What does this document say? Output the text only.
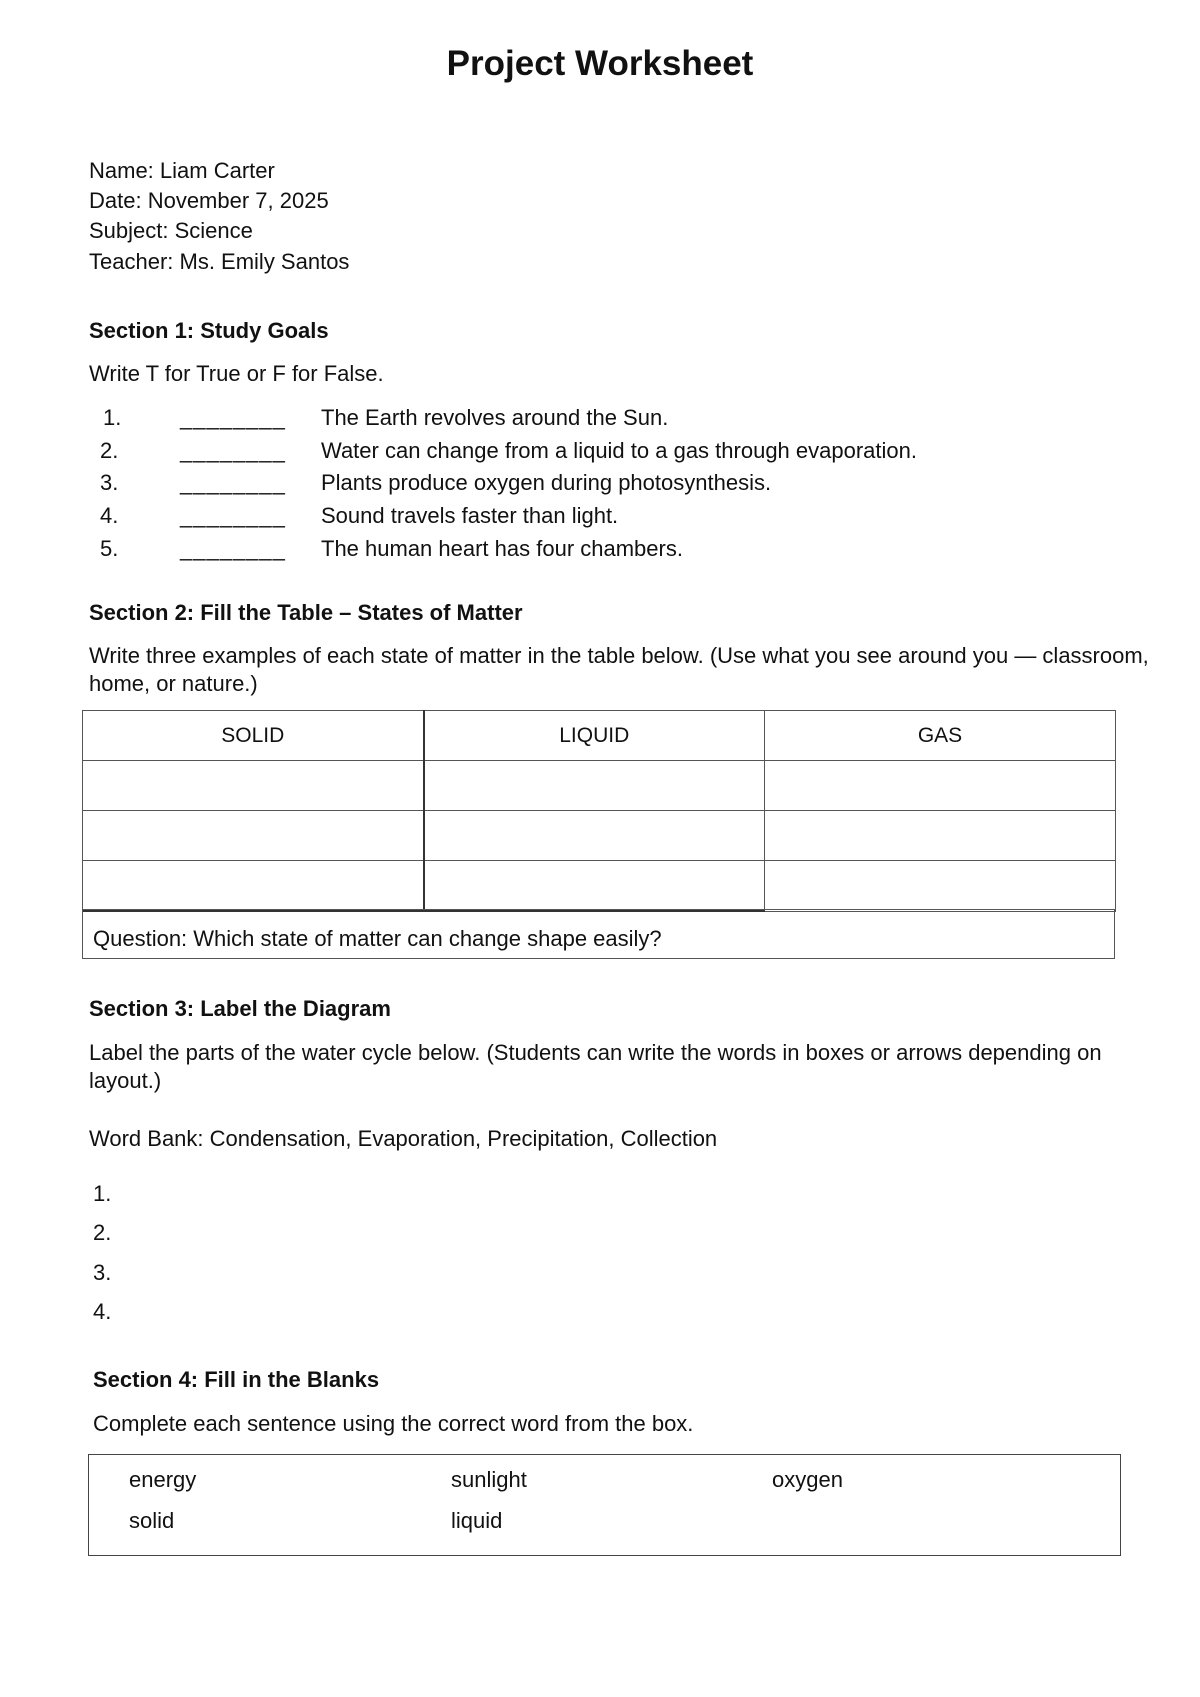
Project Worksheet
Name: Liam Carter
Date: November 7, 2025
Subject: Science
Teacher: Ms. Emily Santos
Section 1: Study Goals
Write T for True or F for False.
1.	________ The Earth revolves around the Sun.
2.	________ Water can change from a liquid to a gas through evaporation.
3.	________ Plants produce oxygen during photosynthesis.
4.	________ Sound travels faster than light.
5.	________ The human heart has four chambers.
Section 2: Fill the Table – States of Matter
Write three examples of each state of matter in the table below. (Use what you see around you — classroom, home, or nature.)
SOLID	LIQUID	GAS

Question: Which state of matter can change shape easily?
Section 3: Label the Diagram
Label the parts of the water cycle below. (Students can write the words in boxes or arrows depending on layout.)
Word Bank: Condensation, Evaporation, Precipitation, Collection
1.
2.
3.
4.
Section 4: Fill in the Blanks
Complete each sentence using the correct word from the box.
energy	sunlight	oxygen
solid	liquid
